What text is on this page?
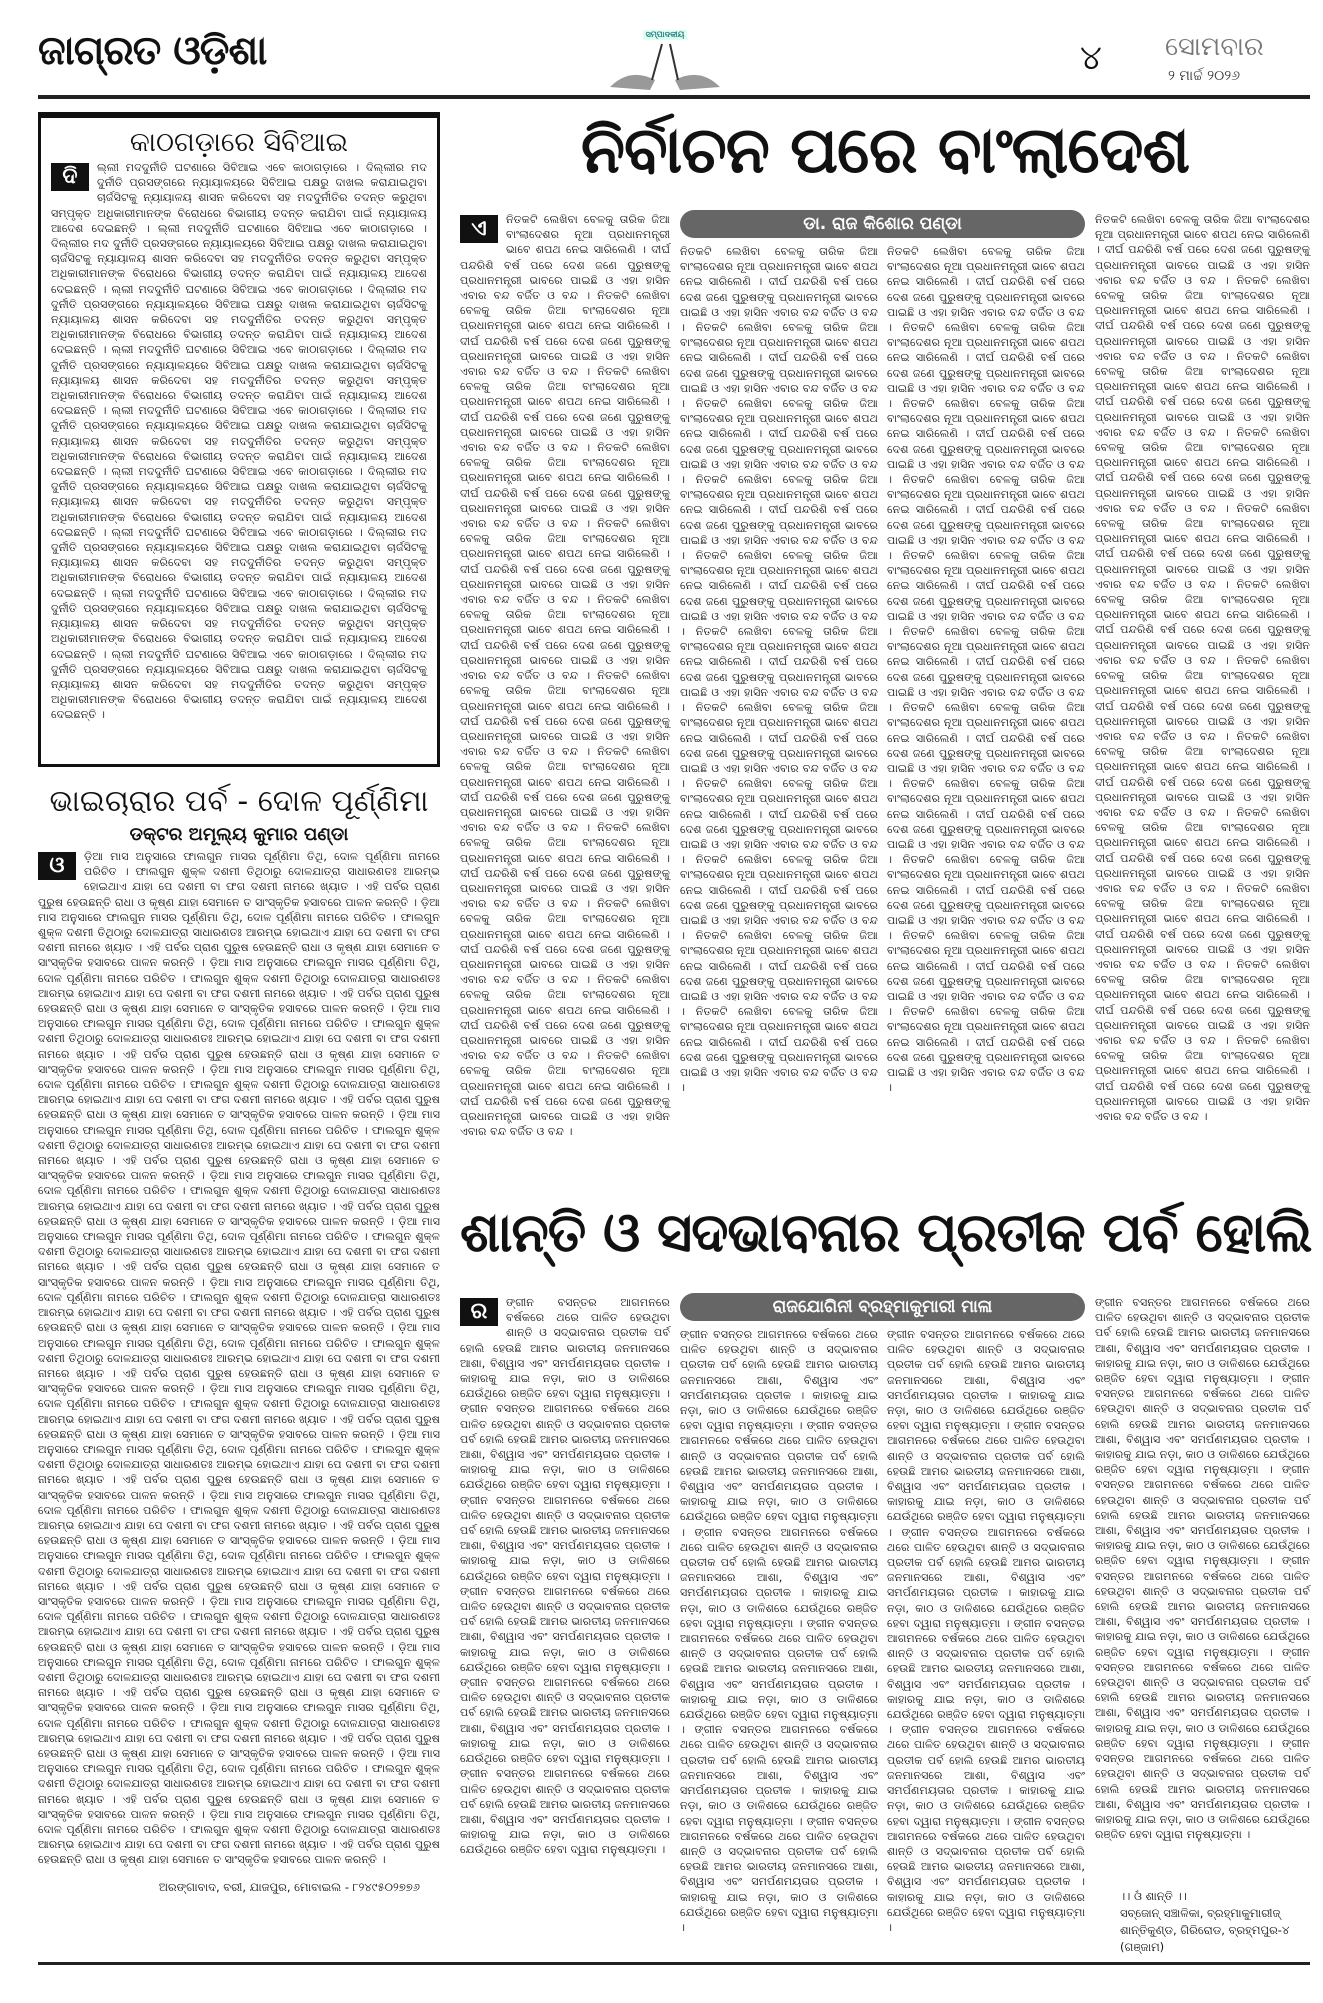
ଜାଗ୍ରତ ଓଡ଼ିଶା	ସମ୍ପାଦକୀୟ
୪ ସୋମବାର
୨ ମାର୍ଚ୍ଚ ୨୦୨୬
କାଠଗଡ଼ାରେ ସିବିଆଇ
ଦି	ଲ୍ଲୀ ମଦଦୁର୍ନୀତି ଘଟଣାରେ ସିବିଆଇ ଏବେ କାଠାଗଡ଼ାରେ । ଦିଲ୍ଲୀର ମଦ ଦୁର୍ନୀତି ପ୍ରସଙ୍ଗରେ ନ୍ୟାୟାଳୟରେ ସିବିଆଇ ପକ୍ଷରୁ ଦାଖଲ କରାଯାଇଥିବା ଚାର୍ଜସିଟକୁ ନ୍ୟାୟାଳୟ ଶାସନ କରିଦେବା ସହ ମଦଦୁର୍ନୀତିର ତଦନ୍ତ କରୁଥିବା ସମ୍ପୃକ୍ତ ଅଧିକାରୀମାନଙ୍କ ବିରୋଧରେ ବିଭାଗୀୟ ତଦନ୍ତ କରାଯିବା ପାଇଁ ନ୍ୟାୟାଳୟ ଆଦେଶ ଦେଇଛନ୍ତି । ଲ୍ଲୀ ମଦଦୁର୍ନୀତି ଘଟଣାରେ ସିବିଆଇ ଏବେ କାଠାଗଡ଼ାରେ । ଦିଲ୍ଲୀର ମଦ ଦୁର୍ନୀତି ପ୍ରସଙ୍ଗରେ ନ୍ୟାୟାଳୟରେ ସିବିଆଇ ପକ୍ଷରୁ ଦାଖଲ କରାଯାଇଥିବା ଚାର୍ଜସିଟକୁ ନ୍ୟାୟାଳୟ ଶାସନ କରିଦେବା ସହ ମଦଦୁର୍ନୀତିର ତଦନ୍ତ କରୁଥିବା ସମ୍ପୃକ୍ତ ଅଧିକାରୀମାନଙ୍କ ବିରୋଧରେ ବିଭାଗୀୟ ତଦନ୍ତ କରାଯିବା ପାଇଁ ନ୍ୟାୟାଳୟ ଆଦେଶ ଦେଇଛନ୍ତି । ଲ୍ଲୀ ମଦଦୁର୍ନୀତି ଘଟଣାରେ ସିବିଆଇ ଏବେ କାଠାଗଡ଼ାରେ । ଦିଲ୍ଲୀର ମଦ ଦୁର୍ନୀତି ପ୍ରସଙ୍ଗରେ ନ୍ୟାୟାଳୟରେ ସିବିଆଇ ପକ୍ଷରୁ ଦାଖଲ କରାଯାଇଥିବା ଚାର୍ଜସିଟକୁ ନ୍ୟାୟାଳୟ ଶାସନ କରିଦେବା ସହ ମଦଦୁର୍ନୀତିର ତଦନ୍ତ କରୁଥିବା ସମ୍ପୃକ୍ତ ଅଧିକାରୀମାନଙ୍କ ବିରୋଧରେ ବିଭାଗୀୟ ତଦନ୍ତ କରାଯିବା ପାଇଁ ନ୍ୟାୟାଳୟ ଆଦେଶ ଦେଇଛନ୍ତି । ଲ୍ଲୀ ମଦଦୁର୍ନୀତି ଘଟଣାରେ ସିବିଆଇ ଏବେ କାଠାଗଡ଼ାରେ । ଦିଲ୍ଲୀର ମଦ ଦୁର୍ନୀତି ପ୍ରସଙ୍ଗରେ ନ୍ୟାୟାଳୟରେ ସିବିଆଇ ପକ୍ଷରୁ ଦାଖଲ କରାଯାଇଥିବା ଚାର୍ଜସିଟକୁ ନ୍ୟାୟାଳୟ ଶାସନ କରିଦେବା ସହ ମଦଦୁର୍ନୀତିର ତଦନ୍ତ କରୁଥିବା ସମ୍ପୃକ୍ତ ଅଧିକାରୀମାନଙ୍କ ବିରୋଧରେ ବିଭାଗୀୟ ତଦନ୍ତ କରାଯିବା ପାଇଁ ନ୍ୟାୟାଳୟ ଆଦେଶ ଦେଇଛନ୍ତି । ଲ୍ଲୀ ମଦଦୁର୍ନୀତି ଘଟଣାରେ ସିବିଆଇ ଏବେ କାଠାଗଡ଼ାରେ । ଦିଲ୍ଲୀର ମଦ ଦୁର୍ନୀତି ପ୍ରସଙ୍ଗରେ ନ୍ୟାୟାଳୟରେ ସିବିଆଇ ପକ୍ଷରୁ ଦାଖଲ କରାଯାଇଥିବା ଚାର୍ଜସିଟକୁ ନ୍ୟାୟାଳୟ ଶାସନ କରିଦେବା ସହ ମଦଦୁର୍ନୀତିର ତଦନ୍ତ କରୁଥିବା ସମ୍ପୃକ୍ତ ଅଧିକାରୀମାନଙ୍କ ବିରୋଧରେ ବିଭାଗୀୟ ତଦନ୍ତ କରାଯିବା ପାଇଁ ନ୍ୟାୟାଳୟ ଆଦେଶ ଦେଇଛନ୍ତି । ଲ୍ଲୀ ମଦଦୁର୍ନୀତି ଘଟଣାରେ ସିବିଆଇ ଏବେ କାଠାଗଡ଼ାରେ । ଦିଲ୍ଲୀର ମଦ ଦୁର୍ନୀତି ପ୍ରସଙ୍ଗରେ ନ୍ୟାୟାଳୟରେ ସିବିଆଇ ପକ୍ଷରୁ ଦାଖଲ କରାଯାଇଥିବା ଚାର୍ଜସିଟକୁ ନ୍ୟାୟାଳୟ ଶାସନ କରିଦେବା ସହ ମଦଦୁର୍ନୀତିର ତଦନ୍ତ କରୁଥିବା ସମ୍ପୃକ୍ତ ଅଧିକାରୀମାନଙ୍କ ବିରୋଧରେ ବିଭାଗୀୟ ତଦନ୍ତ କରାଯିବା ପାଇଁ ନ୍ୟାୟାଳୟ ଆଦେଶ ଦେଇଛନ୍ତି । ଲ୍ଲୀ ମଦଦୁର୍ନୀତି ଘଟଣାରେ ସିବିଆଇ ଏବେ କାଠାଗଡ଼ାରେ । ଦିଲ୍ଲୀର ମଦ ଦୁର୍ନୀତି ପ୍ରସଙ୍ଗରେ ନ୍ୟାୟାଳୟରେ ସିବିଆଇ ପକ୍ଷରୁ ଦାଖଲ କରାଯାଇଥିବା ଚାର୍ଜସିଟକୁ ନ୍ୟାୟାଳୟ ଶାସନ କରିଦେବା ସହ ମଦଦୁର୍ନୀତିର ତଦନ୍ତ କରୁଥିବା ସମ୍ପୃକ୍ତ ଅଧିକାରୀମାନଙ୍କ ବିରୋଧରେ ବିଭାଗୀୟ ତଦନ୍ତ କରାଯିବା ପାଇଁ ନ୍ୟାୟାଳୟ ଆଦେଶ ଦେଇଛନ୍ତି । ଲ୍ଲୀ ମଦଦୁର୍ନୀତି ଘଟଣାରେ ସିବିଆଇ ଏବେ କାଠାଗଡ଼ାରେ । ଦିଲ୍ଲୀର ମଦ ଦୁର୍ନୀତି ପ୍ରସଙ୍ଗରେ ନ୍ୟାୟାଳୟରେ ସିବିଆଇ ପକ୍ଷରୁ ଦାଖଲ କରାଯାଇଥିବା ଚାର୍ଜସିଟକୁ ନ୍ୟାୟାଳୟ ଶାସନ କରିଦେବା ସହ ମଦଦୁର୍ନୀତିର ତଦନ୍ତ କରୁଥିବା ସମ୍ପୃକ୍ତ ଅଧିକାରୀମାନଙ୍କ ବିରୋଧରେ ବିଭାଗୀୟ ତଦନ୍ତ କରାଯିବା ପାଇଁ ନ୍ୟାୟାଳୟ ଆଦେଶ ଦେଇଛନ୍ତି । ଲ୍ଲୀ ମଦଦୁର୍ନୀତି ଘଟଣାରେ ସିବିଆଇ ଏବେ କାଠାଗଡ଼ାରେ । ଦିଲ୍ଲୀର ମଦ ଦୁର୍ନୀତି ପ୍ରସଙ୍ଗରେ ନ୍ୟାୟାଳୟରେ ସିବିଆଇ ପକ୍ଷରୁ ଦାଖଲ କରାଯାଇଥିବା ଚାର୍ଜସିଟକୁ ନ୍ୟାୟାଳୟ ଶାସନ କରିଦେବା ସହ ମଦଦୁର୍ନୀତିର ତଦନ୍ତ କରୁଥିବା ସମ୍ପୃକ୍ତ ଅଧିକାରୀମାନଙ୍କ ବିରୋଧରେ ବିଭାଗୀୟ ତଦନ୍ତ କରାଯିବା ପାଇଁ ନ୍ୟାୟାଳୟ ଆଦେଶ ଦେଇଛନ୍ତି ।
ଭାଇଚାରାର ପର୍ବ - ଦୋଳ ପୂର୍ଣ୍ଣିମା
ଡକ୍ଟର ଅମୂଲ୍ୟ କୁମାର ପଣ୍ଡା
ଓ	ଡ଼ିଆ ମାସ ଅନୁସାରେ ଫାଲଗୁନ ମାସର ପୂର୍ଣ୍ଣିମା ତିଥି, ଦୋଳ ପୂର୍ଣ୍ଣିମା ନାମରେ ପରିଚିତ । ଫାଲଗୁନ ଶୁକ୍ଳ ଦଶମୀ ତିଥିଠାରୁ ଦୋଳଯାତ୍ରା ସାଧାରଣତଃ ଆରମ୍ଭ ହୋଇଥାଏ ଯାହା ପେ ଦଶମୀ ବା ଫଗ ଦଶମୀ ନାମରେ ଖ୍ୟାତ । ଏହି ପର୍ବର ପ୍ରାଣ ପୁରୁଷ ହେଉଛନ୍ତି ରାଧା ଓ କୃଷ୍ଣ ଯାହା ସେମାନେ ତ ସାଂସ୍କୃତିକ ହସାବରେ ପାଳନ କରନ୍ତି । ଡ଼ିଆ ମାସ ଅନୁସାରେ ଫାଲଗୁନ ମାସର ପୂର୍ଣ୍ଣିମା ତିଥି, ଦୋଳ ପୂର୍ଣ୍ଣିମା ନାମରେ ପରିଚିତ । ଫାଲଗୁନ ଶୁକ୍ଳ ଦଶମୀ ତିଥିଠାରୁ ଦୋଳଯାତ୍ରା ସାଧାରଣତଃ ଆରମ୍ଭ ହୋଇଥାଏ ଯାହା ପେ ଦଶମୀ ବା ଫଗ ଦଶମୀ ନାମରେ ଖ୍ୟାତ । ଏହି ପର୍ବର ପ୍ରାଣ ପୁରୁଷ ହେଉଛନ୍ତି ରାଧା ଓ କୃଷ୍ଣ ଯାହା ସେମାନେ ତ ସାଂସ୍କୃତିକ ହସାବରେ ପାଳନ କରନ୍ତି । ଡ଼ିଆ ମାସ ଅନୁସାରେ ଫାଲଗୁନ ମାସର ପୂର୍ଣ୍ଣିମା ତିଥି, ଦୋଳ ପୂର୍ଣ୍ଣିମା ନାମରେ ପରିଚିତ । ଫାଲଗୁନ ଶୁକ୍ଳ ଦଶମୀ ତିଥିଠାରୁ ଦୋଳଯାତ୍ରା ସାଧାରଣତଃ ଆରମ୍ଭ ହୋଇଥାଏ ଯାହା ପେ ଦଶମୀ ବା ଫଗ ଦଶମୀ ନାମରେ ଖ୍ୟାତ । ଏହି ପର୍ବର ପ୍ରାଣ ପୁରୁଷ ହେଉଛନ୍ତି ରାଧା ଓ କୃଷ୍ଣ ଯାହା ସେମାନେ ତ ସାଂସ୍କୃତିକ ହସାବରେ ପାଳନ କରନ୍ତି । ଡ଼ିଆ ମାସ ଅନୁସାରେ ଫାଲଗୁନ ମାସର ପୂର୍ଣ୍ଣିମା ତିଥି, ଦୋଳ ପୂର୍ଣ୍ଣିମା ନାମରେ ପରିଚିତ । ଫାଲଗୁନ ଶୁକ୍ଳ ଦଶମୀ ତିଥିଠାରୁ ଦୋଳଯାତ୍ରା ସାଧାରଣତଃ ଆରମ୍ଭ ହୋଇଥାଏ ଯାହା ପେ ଦଶମୀ ବା ଫଗ ଦଶମୀ ନାମରେ ଖ୍ୟାତ । ଏହି ପର୍ବର ପ୍ରାଣ ପୁରୁଷ ହେଉଛନ୍ତି ରାଧା ଓ କୃଷ୍ଣ ଯାହା ସେମାନେ ତ ସାଂସ୍କୃତିକ ହସାବରେ ପାଳନ କରନ୍ତି । ଡ଼ିଆ ମାସ ଅନୁସାରେ ଫାଲଗୁନ ମାସର ପୂର୍ଣ୍ଣିମା ତିଥି, ଦୋଳ ପୂର୍ଣ୍ଣିମା ନାମରେ ପରିଚିତ । ଫାଲଗୁନ ଶୁକ୍ଳ ଦଶମୀ ତିଥିଠାରୁ ଦୋଳଯାତ୍ରା ସାଧାରଣତଃ ଆରମ୍ଭ ହୋଇଥାଏ ଯାହା ପେ ଦଶମୀ ବା ଫଗ ଦଶମୀ ନାମରେ ଖ୍ୟାତ । ଏହି ପର୍ବର ପ୍ରାଣ ପୁରୁଷ ହେଉଛନ୍ତି ରାଧା ଓ କୃଷ୍ଣ ଯାହା ସେମାନେ ତ ସାଂସ୍କୃତିକ ହସାବରେ ପାଳନ କରନ୍ତି । ଡ଼ିଆ ମାସ ଅନୁସାରେ ଫାଲଗୁନ ମାସର ପୂର୍ଣ୍ଣିମା ତିଥି, ଦୋଳ ପୂର୍ଣ୍ଣିମା ନାମରେ ପରିଚିତ । ଫାଲଗୁନ ଶୁକ୍ଳ ଦଶମୀ ତିଥିଠାରୁ ଦୋଳଯାତ୍ରା ସାଧାରଣତଃ ଆରମ୍ଭ ହୋଇଥାଏ ଯାହା ପେ ଦଶମୀ ବା ଫଗ ଦଶମୀ ନାମରେ ଖ୍ୟାତ । ଏହି ପର୍ବର ପ୍ରାଣ ପୁରୁଷ ହେଉଛନ୍ତି ରାଧା ଓ କୃଷ୍ଣ ଯାହା ସେମାନେ ତ ସାଂସ୍କୃତିକ ହସାବରେ ପାଳନ କରନ୍ତି । ଡ଼ିଆ ମାସ ଅନୁସାରେ ଫାଲଗୁନ ମାସର ପୂର୍ଣ୍ଣିମା ତିଥି, ଦୋଳ ପୂର୍ଣ୍ଣିମା ନାମରେ ପରିଚିତ । ଫାଲଗୁନ ଶୁକ୍ଳ ଦଶମୀ ତିଥିଠାରୁ ଦୋଳଯାତ୍ରା ସାଧାରଣତଃ ଆରମ୍ଭ ହୋଇଥାଏ ଯାହା ପେ ଦଶମୀ ବା ଫଗ ଦଶମୀ ନାମରେ ଖ୍ୟାତ । ଏହି ପର୍ବର ପ୍ରାଣ ପୁରୁଷ ହେଉଛନ୍ତି ରାଧା ଓ କୃଷ୍ଣ ଯାହା ସେମାନେ ତ ସାଂସ୍କୃତିକ ହସାବରେ ପାଳନ କରନ୍ତି । ଡ଼ିଆ ମାସ ଅନୁସାରେ ଫାଲଗୁନ ମାସର ପୂର୍ଣ୍ଣିମା ତିଥି, ଦୋଳ ପୂର୍ଣ୍ଣିମା ନାମରେ ପରିଚିତ । ଫାଲଗୁନ ଶୁକ୍ଳ ଦଶମୀ ତିଥିଠାରୁ ଦୋଳଯାତ୍ରା ସାଧାରଣତଃ ଆରମ୍ଭ ହୋଇଥାଏ ଯାହା ପେ ଦଶମୀ ବା ଫଗ ଦଶମୀ ନାମରେ ଖ୍ୟାତ । ଏହି ପର୍ବର ପ୍ରାଣ ପୁରୁଷ ହେଉଛନ୍ତି ରାଧା ଓ କୃଷ୍ଣ ଯାହା ସେମାନେ ତ ସାଂସ୍କୃତିକ ହସାବରେ ପାଳନ କରନ୍ତି । ଡ଼ିଆ ମାସ ଅନୁସାରେ ଫାଲଗୁନ ମାସର ପୂର୍ଣ୍ଣିମା ତିଥି, ଦୋଳ ପୂର୍ଣ୍ଣିମା ନାମରେ ପରିଚିତ । ଫାଲଗୁନ ଶୁକ୍ଳ ଦଶମୀ ତିଥିଠାରୁ ଦୋଳଯାତ୍ରା ସାଧାରଣତଃ ଆରମ୍ଭ ହୋଇଥାଏ ଯାହା ପେ ଦଶମୀ ବା ଫଗ ଦଶମୀ ନାମରେ ଖ୍ୟାତ । ଏହି ପର୍ବର ପ୍ରାଣ ପୁରୁଷ ହେଉଛନ୍ତି ରାଧା ଓ କୃଷ୍ଣ ଯାହା ସେମାନେ ତ ସାଂସ୍କୃତିକ ହସାବରେ ପାଳନ କରନ୍ତି । ଡ଼ିଆ ମାସ ଅନୁସାରେ ଫାଲଗୁନ ମାସର ପୂର୍ଣ୍ଣିମା ତିଥି, ଦୋଳ ପୂର୍ଣ୍ଣିମା ନାମରେ ପରିଚିତ । ଫାଲଗୁନ ଶୁକ୍ଳ ଦଶମୀ ତିଥିଠାରୁ ଦୋଳଯାତ୍ରା ସାଧାରଣତଃ ଆରମ୍ଭ ହୋଇଥାଏ ଯାହା ପେ ଦଶମୀ ବା ଫଗ ଦଶମୀ ନାମରେ ଖ୍ୟାତ । ଏହି ପର୍ବର ପ୍ରାଣ ପୁରୁଷ ହେଉଛନ୍ତି ରାଧା ଓ କୃଷ୍ଣ ଯାହା ସେମାନେ ତ ସାଂସ୍କୃତିକ ହସାବରେ ପାଳନ କରନ୍ତି । ଡ଼ିଆ ମାସ ଅନୁସାରେ ଫାଲଗୁନ ମାସର ପୂର୍ଣ୍ଣିମା ତିଥି, ଦୋଳ ପୂର୍ଣ୍ଣିମା ନାମରେ ପରିଚିତ । ଫାଲଗୁନ ଶୁକ୍ଳ ଦଶମୀ ତିଥିଠାରୁ ଦୋଳଯାତ୍ରା ସାଧାରଣତଃ ଆରମ୍ଭ ହୋଇଥାଏ ଯାହା ପେ ଦଶମୀ ବା ଫଗ ଦଶମୀ ନାମରେ ଖ୍ୟାତ । ଏହି ପର୍ବର ପ୍ରାଣ ପୁରୁଷ ହେଉଛନ୍ତି ରାଧା ଓ କୃଷ୍ଣ ଯାହା ସେମାନେ ତ ସାଂସ୍କୃତିକ ହସାବରେ ପାଳନ କରନ୍ତି । ଡ଼ିଆ ମାସ ଅନୁସାରେ ଫାଲଗୁନ ମାସର ପୂର୍ଣ୍ଣିମା ତିଥି, ଦୋଳ ପୂର୍ଣ୍ଣିମା ନାମରେ ପରିଚିତ । ଫାଲଗୁନ ଶୁକ୍ଳ ଦଶମୀ ତିଥିଠାରୁ ଦୋଳଯାତ୍ରା ସାଧାରଣତଃ ଆରମ୍ଭ ହୋଇଥାଏ ଯାହା ପେ ଦଶମୀ ବା ଫଗ ଦଶମୀ ନାମରେ ଖ୍ୟାତ । ଏହି ପର୍ବର ପ୍ରାଣ ପୁରୁଷ ହେଉଛନ୍ତି ରାଧା ଓ କୃଷ୍ଣ ଯାହା ସେମାନେ ତ ସାଂସ୍କୃତିକ ହସାବରେ ପାଳନ କରନ୍ତି । ଡ଼ିଆ ମାସ ଅନୁସାରେ ଫାଲଗୁନ ମାସର ପୂର୍ଣ୍ଣିମା ତିଥି, ଦୋଳ ପୂର୍ଣ୍ଣିମା ନାମରେ ପରିଚିତ । ଫାଲଗୁନ ଶୁକ୍ଳ ଦଶମୀ ତିଥିଠାରୁ ଦୋଳଯାତ୍ରା ସାଧାରଣତଃ ଆରମ୍ଭ ହୋଇଥାଏ ଯାହା ପେ ଦଶମୀ ବା ଫଗ ଦଶମୀ ନାମରେ ଖ୍ୟାତ । ଏହି ପର୍ବର ପ୍ରାଣ ପୁରୁଷ ହେଉଛନ୍ତି ରାଧା ଓ କୃଷ୍ଣ ଯାହା ସେମାନେ ତ ସାଂସ୍କୃତିକ ହସାବରେ ପାଳନ କରନ୍ତି । ଡ଼ିଆ ମାସ ଅନୁସାରେ ଫାଲଗୁନ ମାସର ପୂର୍ଣ୍ଣିମା ତିଥି, ଦୋଳ ପୂର୍ଣ୍ଣିମା ନାମରେ ପରିଚିତ । ଫାଲଗୁନ ଶୁକ୍ଳ ଦଶମୀ ତିଥିଠାରୁ ଦୋଳଯାତ୍ରା ସାଧାରଣତଃ ଆରମ୍ଭ ହୋଇଥାଏ ଯାହା ପେ ଦଶମୀ ବା ଫଗ ଦଶମୀ ନାମରେ ଖ୍ୟାତ । ଏହି ପର୍ବର ପ୍ରାଣ ପୁରୁଷ ହେଉଛନ୍ତି ରାଧା ଓ କୃଷ୍ଣ ଯାହା ସେମାନେ ତ ସାଂସ୍କୃତିକ ହସାବରେ ପାଳନ କରନ୍ତି । ଡ଼ିଆ ମାସ ଅନୁସାରେ ଫାଲଗୁନ ମାସର ପୂର୍ଣ୍ଣିମା ତିଥି, ଦୋଳ ପୂର୍ଣ୍ଣିମା ନାମରେ ପରିଚିତ । ଫାଲଗୁନ ଶୁକ୍ଳ ଦଶମୀ ତିଥିଠାରୁ ଦୋଳଯାତ୍ରା ସାଧାରଣତଃ ଆରମ୍ଭ ହୋଇଥାଏ ଯାହା ପେ ଦଶମୀ ବା ଫଗ ଦଶମୀ ନାମରେ ଖ୍ୟାତ । ଏହି ପର୍ବର ପ୍ରାଣ ପୁରୁଷ ହେଉଛନ୍ତି ରାଧା ଓ କୃଷ୍ଣ ଯାହା ସେମାନେ ତ ସାଂସ୍କୃତିକ ହସାବରେ ପାଳନ କରନ୍ତି । ଡ଼ିଆ ମାସ ଅନୁସାରେ ଫାଲଗୁନ ମାସର ପୂର୍ଣ୍ଣିମା ତିଥି, ଦୋଳ ପୂର୍ଣ୍ଣିମା ନାମରେ ପରିଚିତ । ଫାଲଗୁନ ଶୁକ୍ଳ ଦଶମୀ ତିଥିଠାରୁ ଦୋଳଯାତ୍ରା ସାଧାରଣତଃ ଆରମ୍ଭ ହୋଇଥାଏ ଯାହା ପେ ଦଶମୀ ବା ଫଗ ଦଶମୀ ନାମରେ ଖ୍ୟାତ । ଏହି ପର୍ବର ପ୍ରାଣ ପୁରୁଷ ହେଉଛନ୍ତି ରାଧା ଓ କୃଷ୍ଣ ଯାହା ସେମାନେ ତ ସାଂସ୍କୃତିକ ହସାବରେ ପାଳନ କରନ୍ତି । ଡ଼ିଆ ମାସ ଅନୁସାରେ ଫାଲଗୁନ ମାସର ପୂର୍ଣ୍ଣିମା ତିଥି, ଦୋଳ ପୂର୍ଣ୍ଣିମା ନାମରେ ପରିଚିତ । ଫାଲଗୁନ ଶୁକ୍ଳ ଦଶମୀ ତିଥିଠାରୁ ଦୋଳଯାତ୍ରା ସାଧାରଣତଃ ଆରମ୍ଭ ହୋଇଥାଏ ଯାହା ପେ ଦଶମୀ ବା ଫଗ ଦଶମୀ ନାମରେ ଖ୍ୟାତ । ଏହି ପର୍ବର ପ୍ରାଣ ପୁରୁଷ ହେଉଛନ୍ତି ରାଧା ଓ କୃଷ୍ଣ ଯାହା ସେମାନେ ତ ସାଂସ୍କୃତିକ ହସାବରେ ପାଳନ କରନ୍ତି । ଡ଼ିଆ ମାସ ଅନୁସାରେ ଫାଲଗୁନ ମାସର ପୂର୍ଣ୍ଣିମା ତିଥି, ଦୋଳ ପୂର୍ଣ୍ଣିମା ନାମରେ ପରିଚିତ । ଫାଲଗୁନ ଶୁକ୍ଳ ଦଶମୀ ତିଥିଠାରୁ ଦୋଳଯାତ୍ରା ସାଧାରଣତଃ ଆରମ୍ଭ ହୋଇଥାଏ ଯାହା ପେ ଦଶମୀ ବା ଫଗ ଦଶମୀ ନାମରେ ଖ୍ୟାତ । ଏହି ପର୍ବର ପ୍ରାଣ ପୁରୁଷ ହେଉଛନ୍ତି ରାଧା ଓ କୃଷ୍ଣ ଯାହା ସେମାନେ ତ ସାଂସ୍କୃତିକ ହସାବରେ ପାଳନ କରନ୍ତି । ଡ଼ିଆ ମାସ ଅନୁସାରେ ଫାଲଗୁନ ମାସର ପୂର୍ଣ୍ଣିମା ତିଥି, ଦୋଳ ପୂର୍ଣ୍ଣିମା ନାମରେ ପରିଚିତ । ଫାଲଗୁନ ଶୁକ୍ଳ ଦଶମୀ ତିଥିଠାରୁ ଦୋଳଯାତ୍ରା ସାଧାରଣତଃ ଆରମ୍ଭ ହୋଇଥାଏ ଯାହା ପେ ଦଶମୀ ବା ଫଗ ଦଶମୀ ନାମରେ ଖ୍ୟାତ । ଏହି ପର୍ବର ପ୍ରାଣ ପୁରୁଷ ହେଉଛନ୍ତି ରାଧା ଓ କୃଷ୍ଣ ଯାହା ସେମାନେ ତ ସାଂସ୍କୃତିକ ହସାବରେ ପାଳନ କରନ୍ତି ।
ଅରଙ୍ଗାବାଦ, ବରୀ, ଯାଜପୁର, ମୋବାଇଲ - ୮୨୪୯୫୦୨୭୭୬
ନିର୍ବାଚନ ପରେ ବାଂଲାଦେଶ
ଡା. ରାଜ କିଶୋର ପଣ୍ଡା
ଏ	ନିତକଟି ଲେଖିବା ବେଳକୁ ତାରିକ ଜିଆ ବାଂଲାଦେଶର ନୂଆ ପ୍ରଧାନମନ୍ତ୍ରୀ ଭାବେ ଶପଥ ନେଇ ସାରିଲେଣି । ଦୀର୍ଘ ପନ୍ଦରିଶି ବର୍ଷ ପରେ ଦେଶ ଜଣେ ପୁରୁଷଙ୍କୁ ପ୍ରଧାନମନ୍ତ୍ରୀ ଭାବରେ ପାଇଛି ଓ ଏହା ହାସିନ ଏବାର ବନ୍ଦ ବର୍ଜିତ ଓ ବନ୍ଦ । ନିତକଟି ଲେଖିବା ବେଳକୁ ତାରିକ ଜିଆ ବାଂଲାଦେଶର ନୂଆ ପ୍ରଧାନମନ୍ତ୍ରୀ ଭାବେ ଶପଥ ନେଇ ସାରିଲେଣି । ଦୀର୍ଘ ପନ୍ଦରିଶି ବର୍ଷ ପରେ ଦେଶ ଜଣେ ପୁରୁଷଙ୍କୁ ପ୍ରଧାନମନ୍ତ୍ରୀ ଭାବରେ ପାଇଛି ଓ ଏହା ହାସିନ ଏବାର ବନ୍ଦ ବର୍ଜିତ ଓ ବନ୍ଦ । ନିତକଟି ଲେଖିବା ବେଳକୁ ତାରିକ ଜିଆ ବାଂଲାଦେଶର ନୂଆ ପ୍ରଧାନମନ୍ତ୍ରୀ ଭାବେ ଶପଥ ନେଇ ସାରିଲେଣି । ଦୀର୍ଘ ପନ୍ଦରିଶି ବର୍ଷ ପରେ ଦେଶ ଜଣେ ପୁରୁଷଙ୍କୁ ପ୍ରଧାନମନ୍ତ୍ରୀ ଭାବରେ ପାଇଛି ଓ ଏହା ହାସିନ ଏବାର ବନ୍ଦ ବର୍ଜିତ ଓ ବନ୍ଦ । ନିତକଟି ଲେଖିବା ବେଳକୁ ତାରିକ ଜିଆ ବାଂଲାଦେଶର ନୂଆ ପ୍ରଧାନମନ୍ତ୍ରୀ ଭାବେ ଶପଥ ନେଇ ସାରିଲେଣି । ଦୀର୍ଘ ପନ୍ଦରିଶି ବର୍ଷ ପରେ ଦେଶ ଜଣେ ପୁରୁଷଙ୍କୁ ପ୍ରଧାନମନ୍ତ୍ରୀ ଭାବରେ ପାଇଛି ଓ ଏହା ହାସିନ ଏବାର ବନ୍ଦ ବର୍ଜିତ ଓ ବନ୍ଦ । ନିତକଟି ଲେଖିବା ବେଳକୁ ତାରିକ ଜିଆ ବାଂଲାଦେଶର ନୂଆ ପ୍ରଧାନମନ୍ତ୍ରୀ ଭାବେ ଶପଥ ନେଇ ସାରିଲେଣି । ଦୀର୍ଘ ପନ୍ଦରିଶି ବର୍ଷ ପରେ ଦେଶ ଜଣେ ପୁରୁଷଙ୍କୁ ପ୍ରଧାନମନ୍ତ୍ରୀ ଭାବରେ ପାଇଛି ଓ ଏହା ହାସିନ ଏବାର ବନ୍ଦ ବର୍ଜିତ ଓ ବନ୍ଦ । ନିତକଟି ଲେଖିବା ବେଳକୁ ତାରିକ ଜିଆ ବାଂଲାଦେଶର ନୂଆ ପ୍ରଧାନମନ୍ତ୍ରୀ ଭାବେ ଶପଥ ନେଇ ସାରିଲେଣି । ଦୀର୍ଘ ପନ୍ଦରିଶି ବର୍ଷ ପରେ ଦେଶ ଜଣେ ପୁରୁଷଙ୍କୁ ପ୍ରଧାନମନ୍ତ୍ରୀ ଭାବରେ ପାଇଛି ଓ ଏହା ହାସିନ ଏବାର ବନ୍ଦ ବର୍ଜିତ ଓ ବନ୍ଦ । ନିତକଟି ଲେଖିବା ବେଳକୁ ତାରିକ ଜିଆ ବାଂଲାଦେଶର ନୂଆ ପ୍ରଧାନମନ୍ତ୍ରୀ ଭାବେ ଶପଥ ନେଇ ସାରିଲେଣି । ଦୀର୍ଘ ପନ୍ଦରିଶି ବର୍ଷ ପରେ ଦେଶ ଜଣେ ପୁରୁଷଙ୍କୁ ପ୍ରଧାନମନ୍ତ୍ରୀ ଭାବରେ ପାଇଛି ଓ ଏହା ହାସିନ ଏବାର ବନ୍ଦ ବର୍ଜିତ ଓ ବନ୍ଦ । ନିତକଟି ଲେଖିବା ବେଳକୁ ତାରିକ ଜିଆ ବାଂଲାଦେଶର ନୂଆ ପ୍ରଧାନମନ୍ତ୍ରୀ ଭାବେ ଶପଥ ନେଇ ସାରିଲେଣି । ଦୀର୍ଘ ପନ୍ଦରିଶି ବର୍ଷ ପରେ ଦେଶ ଜଣେ ପୁରୁଷଙ୍କୁ ପ୍ରଧାନମନ୍ତ୍ରୀ ଭାବରେ ପାଇଛି ଓ ଏହା ହାସିନ ଏବାର ବନ୍ଦ ବର୍ଜିତ ଓ ବନ୍ଦ । ନିତକଟି ଲେଖିବା ବେଳକୁ ତାରିକ ଜିଆ ବାଂଲାଦେଶର ନୂଆ ପ୍ରଧାନମନ୍ତ୍ରୀ ଭାବେ ଶପଥ ନେଇ ସାରିଲେଣି । ଦୀର୍ଘ ପନ୍ଦରିଶି ବର୍ଷ ପରେ ଦେଶ ଜଣେ ପୁରୁଷଙ୍କୁ ପ୍ରଧାନମନ୍ତ୍ରୀ ଭାବରେ ପାଇଛି ଓ ଏହା ହାସିନ ଏବାର ବନ୍ଦ ବର୍ଜିତ ଓ ବନ୍ଦ । ନିତକଟି ଲେଖିବା ବେଳକୁ ତାରିକ ଜିଆ ବାଂଲାଦେଶର ନୂଆ ପ୍ରଧାନମନ୍ତ୍ରୀ ଭାବେ ଶପଥ ନେଇ ସାରିଲେଣି । ଦୀର୍ଘ ପନ୍ଦରିଶି ବର୍ଷ ପରେ ଦେଶ ଜଣେ ପୁରୁଷଙ୍କୁ ପ୍ରଧାନମନ୍ତ୍ରୀ ଭାବରେ ପାଇଛି ଓ ଏହା ହାସିନ ଏବାର ବନ୍ଦ ବର୍ଜିତ ଓ ବନ୍ଦ । ନିତକଟି ଲେଖିବା ବେଳକୁ ତାରିକ ଜିଆ ବାଂଲାଦେଶର ନୂଆ ପ୍ରଧାନମନ୍ତ୍ରୀ ଭାବେ ଶପଥ ନେଇ ସାରିଲେଣି । ଦୀର୍ଘ ପନ୍ଦରିଶି ବର୍ଷ ପରେ ଦେଶ ଜଣେ ପୁରୁଷଙ୍କୁ ପ୍ରଧାନମନ୍ତ୍ରୀ ଭାବରେ ପାଇଛି ଓ ଏହା ହାସିନ ଏବାର ବନ୍ଦ ବର୍ଜିତ ଓ ବନ୍ଦ । ନିତକଟି ଲେଖିବା ବେଳକୁ ତାରିକ ଜିଆ ବାଂଲାଦେଶର ନୂଆ ପ୍ରଧାନମନ୍ତ୍ରୀ ଭାବେ ଶପଥ ନେଇ ସାରିଲେଣି । ଦୀର୍ଘ ପନ୍ଦରିଶି ବର୍ଷ ପରେ ଦେଶ ଜଣେ ପୁରୁଷଙ୍କୁ ପ୍ରଧାନମନ୍ତ୍ରୀ ଭାବରେ ପାଇଛି ଓ ଏହା ହାସିନ ଏବାର ବନ୍ଦ ବର୍ଜିତ ଓ ବନ୍ଦ ।
ନିତକଟି ଲେଖିବା ବେଳକୁ ତାରିକ ଜିଆ ବାଂଲାଦେଶର ନୂଆ ପ୍ରଧାନମନ୍ତ୍ରୀ ଭାବେ ଶପଥ ନେଇ ସାରିଲେଣି । ଦୀର୍ଘ ପନ୍ଦରିଶି ବର୍ଷ ପରେ ଦେଶ ଜଣେ ପୁରୁଷଙ୍କୁ ପ୍ରଧାନମନ୍ତ୍ରୀ ଭାବରେ ପାଇଛି ଓ ଏହା ହାସିନ ଏବାର ବନ୍ଦ ବର୍ଜିତ ଓ ବନ୍ଦ । ନିତକଟି ଲେଖିବା ବେଳକୁ ତାରିକ ଜିଆ ବାଂଲାଦେଶର ନୂଆ ପ୍ରଧାନମନ୍ତ୍ରୀ ଭାବେ ଶପଥ ନେଇ ସାରିଲେଣି । ଦୀର୍ଘ ପନ୍ଦରିଶି ବର୍ଷ ପରେ ଦେଶ ଜଣେ ପୁରୁଷଙ୍କୁ ପ୍ରଧାନମନ୍ତ୍ରୀ ଭାବରେ ପାଇଛି ଓ ଏହା ହାସିନ ଏବାର ବନ୍ଦ ବର୍ଜିତ ଓ ବନ୍ଦ । ନିତକଟି ଲେଖିବା ବେଳକୁ ତାରିକ ଜିଆ ବାଂଲାଦେଶର ନୂଆ ପ୍ରଧାନମନ୍ତ୍ରୀ ଭାବେ ଶପଥ ନେଇ ସାରିଲେଣି । ଦୀର୍ଘ ପନ୍ଦରିଶି ବର୍ଷ ପରେ ଦେଶ ଜଣେ ପୁରୁଷଙ୍କୁ ପ୍ରଧାନମନ୍ତ୍ରୀ ଭାବରେ ପାଇଛି ଓ ଏହା ହାସିନ ଏବାର ବନ୍ଦ ବର୍ଜିତ ଓ ବନ୍ଦ । ନିତକଟି ଲେଖିବା ବେଳକୁ ତାରିକ ଜିଆ ବାଂଲାଦେଶର ନୂଆ ପ୍ରଧାନମନ୍ତ୍ରୀ ଭାବେ ଶପଥ ନେଇ ସାରିଲେଣି । ଦୀର୍ଘ ପନ୍ଦରିଶି ବର୍ଷ ପରେ ଦେଶ ଜଣେ ପୁରୁଷଙ୍କୁ ପ୍ରଧାନମନ୍ତ୍ରୀ ଭାବରେ ପାଇଛି ଓ ଏହା ହାସିନ ଏବାର ବନ୍ଦ ବର୍ଜିତ ଓ ବନ୍ଦ । ନିତକଟି ଲେଖିବା ବେଳକୁ ତାରିକ ଜିଆ ବାଂଲାଦେଶର ନୂଆ ପ୍ରଧାନମନ୍ତ୍ରୀ ଭାବେ ଶପଥ ନେଇ ସାରିଲେଣି । ଦୀର୍ଘ ପନ୍ଦରିଶି ବର୍ଷ ପରେ ଦେଶ ଜଣେ ପୁରୁଷଙ୍କୁ ପ୍ରଧାନମନ୍ତ୍ରୀ ଭାବରେ ପାଇଛି ଓ ଏହା ହାସିନ ଏବାର ବନ୍ଦ ବର୍ଜିତ ଓ ବନ୍ଦ । ନିତକଟି ଲେଖିବା ବେଳକୁ ତାରିକ ଜିଆ ବାଂଲାଦେଶର ନୂଆ ପ୍ରଧାନମନ୍ତ୍ରୀ ଭାବେ ଶପଥ ନେଇ ସାରିଲେଣି । ଦୀର୍ଘ ପନ୍ଦରିଶି ବର୍ଷ ପରେ ଦେଶ ଜଣେ ପୁରୁଷଙ୍କୁ ପ୍ରଧାନମନ୍ତ୍ରୀ ଭାବରେ ପାଇଛି ଓ ଏହା ହାସିନ ଏବାର ବନ୍ଦ ବର୍ଜିତ ଓ ବନ୍ଦ । ନିତକଟି ଲେଖିବା ବେଳକୁ ତାରିକ ଜିଆ ବାଂଲାଦେଶର ନୂଆ ପ୍ରଧାନମନ୍ତ୍ରୀ ଭାବେ ଶପଥ ନେଇ ସାରିଲେଣି । ଦୀର୍ଘ ପନ୍ଦରିଶି ବର୍ଷ ପରେ ଦେଶ ଜଣେ ପୁରୁଷଙ୍କୁ ପ୍ରଧାନମନ୍ତ୍ରୀ ଭାବରେ ପାଇଛି ଓ ଏହା ହାସିନ ଏବାର ବନ୍ଦ ବର୍ଜିତ ଓ ବନ୍ଦ । ନିତକଟି ଲେଖିବା ବେଳକୁ ତାରିକ ଜିଆ ବାଂଲାଦେଶର ନୂଆ ପ୍ରଧାନମନ୍ତ୍ରୀ ଭାବେ ଶପଥ ନେଇ ସାରିଲେଣି । ଦୀର୍ଘ ପନ୍ଦରିଶି ବର୍ଷ ପରେ ଦେଶ ଜଣେ ପୁରୁଷଙ୍କୁ ପ୍ରଧାନମନ୍ତ୍ରୀ ଭାବରେ ପାଇଛି ଓ ଏହା ହାସିନ ଏବାର ବନ୍ଦ ବର୍ଜିତ ଓ ବନ୍ଦ । ନିତକଟି ଲେଖିବା ବେଳକୁ ତାରିକ ଜିଆ ବାଂଲାଦେଶର ନୂଆ ପ୍ରଧାନମନ୍ତ୍ରୀ ଭାବେ ଶପଥ ନେଇ ସାରିଲେଣି । ଦୀର୍ଘ ପନ୍ଦରିଶି ବର୍ଷ ପରେ ଦେଶ ଜଣେ ପୁରୁଷଙ୍କୁ ପ୍ରଧାନମନ୍ତ୍ରୀ ଭାବରେ ପାଇଛି ଓ ଏହା ହାସିନ ଏବାର ବନ୍ଦ ବର୍ଜିତ ଓ ବନ୍ଦ । ନିତକଟି ଲେଖିବା ବେଳକୁ ତାରିକ ଜିଆ ବାଂଲାଦେଶର ନୂଆ ପ୍ରଧାନମନ୍ତ୍ରୀ ଭାବେ ଶପଥ ନେଇ ସାରିଲେଣି । ଦୀର୍ଘ ପନ୍ଦରିଶି ବର୍ଷ ପରେ ଦେଶ ଜଣେ ପୁରୁଷଙ୍କୁ ପ୍ରଧାନମନ୍ତ୍ରୀ ଭାବରେ ପାଇଛି ଓ ଏହା ହାସିନ ଏବାର ବନ୍ଦ ବର୍ଜିତ ଓ ବନ୍ଦ । ନିତକଟି ଲେଖିବା ବେଳକୁ ତାରିକ ଜିଆ ବାଂଲାଦେଶର ନୂଆ ପ୍ରଧାନମନ୍ତ୍ରୀ ଭାବେ ଶପଥ ନେଇ ସାରିଲେଣି । ଦୀର୍ଘ ପନ୍ଦରିଶି ବର୍ଷ ପରେ ଦେଶ ଜଣେ ପୁରୁଷଙ୍କୁ ପ୍ରଧାନମନ୍ତ୍ରୀ ଭାବରେ ପାଇଛି ଓ ଏହା ହାସିନ ଏବାର ବନ୍ଦ ବର୍ଜିତ ଓ ବନ୍ଦ ।
ନିତକଟି ଲେଖିବା ବେଳକୁ ତାରିକ ଜିଆ ବାଂଲାଦେଶର ନୂଆ ପ୍ରଧାନମନ୍ତ୍ରୀ ଭାବେ ଶପଥ ନେଇ ସାରିଲେଣି । ଦୀର୍ଘ ପନ୍ଦରିଶି ବର୍ଷ ପରେ ଦେଶ ଜଣେ ପୁରୁଷଙ୍କୁ ପ୍ରଧାନମନ୍ତ୍ରୀ ଭାବରେ ପାଇଛି ଓ ଏହା ହାସିନ ଏବାର ବନ୍ଦ ବର୍ଜିତ ଓ ବନ୍ଦ । ନିତକଟି ଲେଖିବା ବେଳକୁ ତାରିକ ଜିଆ ବାଂଲାଦେଶର ନୂଆ ପ୍ରଧାନମନ୍ତ୍ରୀ ଭାବେ ଶପଥ ନେଇ ସାରିଲେଣି । ଦୀର୍ଘ ପନ୍ଦରିଶି ବର୍ଷ ପରେ ଦେଶ ଜଣେ ପୁରୁଷଙ୍କୁ ପ୍ରଧାନମନ୍ତ୍ରୀ ଭାବରେ ପାଇଛି ଓ ଏହା ହାସିନ ଏବାର ବନ୍ଦ ବର୍ଜିତ ଓ ବନ୍ଦ । ନିତକଟି ଲେଖିବା ବେଳକୁ ତାରିକ ଜିଆ ବାଂଲାଦେଶର ନୂଆ ପ୍ରଧାନମନ୍ତ୍ରୀ ଭାବେ ଶପଥ ନେଇ ସାରିଲେଣି । ଦୀର୍ଘ ପନ୍ଦରିଶି ବର୍ଷ ପରେ ଦେଶ ଜଣେ ପୁରୁଷଙ୍କୁ ପ୍ରଧାନମନ୍ତ୍ରୀ ଭାବରେ ପାଇଛି ଓ ଏହା ହାସିନ ଏବାର ବନ୍ଦ ବର୍ଜିତ ଓ ବନ୍ଦ । ନିତକଟି ଲେଖିବା ବେଳକୁ ତାରିକ ଜିଆ ବାଂଲାଦେଶର ନୂଆ ପ୍ରଧାନମନ୍ତ୍ରୀ ଭାବେ ଶପଥ ନେଇ ସାରିଲେଣି । ଦୀର୍ଘ ପନ୍ଦରିଶି ବର୍ଷ ପରେ ଦେଶ ଜଣେ ପୁରୁଷଙ୍କୁ ପ୍ରଧାନମନ୍ତ୍ରୀ ଭାବରେ ପାଇଛି ଓ ଏହା ହାସିନ ଏବାର ବନ୍ଦ ବର୍ଜିତ ଓ ବନ୍ଦ । ନିତକଟି ଲେଖିବା ବେଳକୁ ତାରିକ ଜିଆ ବାଂଲାଦେଶର ନୂଆ ପ୍ରଧାନମନ୍ତ୍ରୀ ଭାବେ ଶପଥ ନେଇ ସାରିଲେଣି । ଦୀର୍ଘ ପନ୍ଦରିଶି ବର୍ଷ ପରେ ଦେଶ ଜଣେ ପୁରୁଷଙ୍କୁ ପ୍ରଧାନମନ୍ତ୍ରୀ ଭାବରେ ପାଇଛି ଓ ଏହା ହାସିନ ଏବାର ବନ୍ଦ ବର୍ଜିତ ଓ ବନ୍ଦ । ନିତକଟି ଲେଖିବା ବେଳକୁ ତାରିକ ଜିଆ ବାଂଲାଦେଶର ନୂଆ ପ୍ରଧାନମନ୍ତ୍ରୀ ଭାବେ ଶପଥ ନେଇ ସାରିଲେଣି । ଦୀର୍ଘ ପନ୍ଦରିଶି ବର୍ଷ ପରେ ଦେଶ ଜଣେ ପୁରୁଷଙ୍କୁ ପ୍ରଧାନମନ୍ତ୍ରୀ ଭାବରେ ପାଇଛି ଓ ଏହା ହାସିନ ଏବାର ବନ୍ଦ ବର୍ଜିତ ଓ ବନ୍ଦ । ନିତକଟି ଲେଖିବା ବେଳକୁ ତାରିକ ଜିଆ ବାଂଲାଦେଶର ନୂଆ ପ୍ରଧାନମନ୍ତ୍ରୀ ଭାବେ ଶପଥ ନେଇ ସାରିଲେଣି । ଦୀର୍ଘ ପନ୍ଦରିଶି ବର୍ଷ ପରେ ଦେଶ ଜଣେ ପୁରୁଷଙ୍କୁ ପ୍ରଧାନମନ୍ତ୍ରୀ ଭାବରେ ପାଇଛି ଓ ଏହା ହାସିନ ଏବାର ବନ୍ଦ ବର୍ଜିତ ଓ ବନ୍ଦ । ନିତକଟି ଲେଖିବା ବେଳକୁ ତାରିକ ଜିଆ ବାଂଲାଦେଶର ନୂଆ ପ୍ରଧାନମନ୍ତ୍ରୀ ଭାବେ ଶପଥ ନେଇ ସାରିଲେଣି । ଦୀର୍ଘ ପନ୍ଦରିଶି ବର୍ଷ ପରେ ଦେଶ ଜଣେ ପୁରୁଷଙ୍କୁ ପ୍ରଧାନମନ୍ତ୍ରୀ ଭାବରେ ପାଇଛି ଓ ଏହା ହାସିନ ଏବାର ବନ୍ଦ ବର୍ଜିତ ଓ ବନ୍ଦ । ନିତକଟି ଲେଖିବା ବେଳକୁ ତାରିକ ଜିଆ ବାଂଲାଦେଶର ନୂଆ ପ୍ରଧାନମନ୍ତ୍ରୀ ଭାବେ ଶପଥ ନେଇ ସାରିଲେଣି । ଦୀର୍ଘ ପନ୍ଦରିଶି ବର୍ଷ ପରେ ଦେଶ ଜଣେ ପୁରୁଷଙ୍କୁ ପ୍ରଧାନମନ୍ତ୍ରୀ ଭାବରେ ପାଇଛି ଓ ଏହା ହାସିନ ଏବାର ବନ୍ଦ ବର୍ଜିତ ଓ ବନ୍ଦ । ନିତକଟି ଲେଖିବା ବେଳକୁ ତାରିକ ଜିଆ ବାଂଲାଦେଶର ନୂଆ ପ୍ରଧାନମନ୍ତ୍ରୀ ଭାବେ ଶପଥ ନେଇ ସାରିଲେଣି । ଦୀର୍ଘ ପନ୍ଦରିଶି ବର୍ଷ ପରେ ଦେଶ ଜଣେ ପୁରୁଷଙ୍କୁ ପ୍ରଧାନମନ୍ତ୍ରୀ ଭାବରେ ପାଇଛି ଓ ଏହା ହାସିନ ଏବାର ବନ୍ଦ ବର୍ଜିତ ଓ ବନ୍ଦ । ନିତକଟି ଲେଖିବା ବେଳକୁ ତାରିକ ଜିଆ ବାଂଲାଦେଶର ନୂଆ ପ୍ରଧାନମନ୍ତ୍ରୀ ଭାବେ ଶପଥ ନେଇ ସାରିଲେଣି । ଦୀର୍ଘ ପନ୍ଦରିଶି ବର୍ଷ ପରେ ଦେଶ ଜଣେ ପୁରୁଷଙ୍କୁ ପ୍ରଧାନମନ୍ତ୍ରୀ ଭାବରେ ପାଇଛି ଓ ଏହା ହାସିନ ଏବାର ବନ୍ଦ ବର୍ଜିତ ଓ ବନ୍ଦ ।
ନିତକଟି ଲେଖିବା ବେଳକୁ ତାରିକ ଜିଆ ବାଂଲାଦେଶର ନୂଆ ପ୍ରଧାନମନ୍ତ୍ରୀ ଭାବେ ଶପଥ ନେଇ ସାରିଲେଣି । ଦୀର୍ଘ ପନ୍ଦରିଶି ବର୍ଷ ପରେ ଦେଶ ଜଣେ ପୁରୁଷଙ୍କୁ ପ୍ରଧାନମନ୍ତ୍ରୀ ଭାବରେ ପାଇଛି ଓ ଏହା ହାସିନ ଏବାର ବନ୍ଦ ବର୍ଜିତ ଓ ବନ୍ଦ । ନିତକଟି ଲେଖିବା ବେଳକୁ ତାରିକ ଜିଆ ବାଂଲାଦେଶର ନୂଆ ପ୍ରଧାନମନ୍ତ୍ରୀ ଭାବେ ଶପଥ ନେଇ ସାରିଲେଣି । ଦୀର୍ଘ ପନ୍ଦରିଶି ବର୍ଷ ପରେ ଦେଶ ଜଣେ ପୁରୁଷଙ୍କୁ ପ୍ରଧାନମନ୍ତ୍ରୀ ଭାବରେ ପାଇଛି ଓ ଏହା ହାସିନ ଏବାର ବନ୍ଦ ବର୍ଜିତ ଓ ବନ୍ଦ । ନିତକଟି ଲେଖିବା ବେଳକୁ ତାରିକ ଜିଆ ବାଂଲାଦେଶର ନୂଆ ପ୍ରଧାନମନ୍ତ୍ରୀ ଭାବେ ଶପଥ ନେଇ ସାରିଲେଣି । ଦୀର୍ଘ ପନ୍ଦରିଶି ବର୍ଷ ପରେ ଦେଶ ଜଣେ ପୁରୁଷଙ୍କୁ ପ୍ରଧାନମନ୍ତ୍ରୀ ଭାବରେ ପାଇଛି ଓ ଏହା ହାସିନ ଏବାର ବନ୍ଦ ବର୍ଜିତ ଓ ବନ୍ଦ । ନିତକଟି ଲେଖିବା ବେଳକୁ ତାରିକ ଜିଆ ବାଂଲାଦେଶର ନୂଆ ପ୍ରଧାନମନ୍ତ୍ରୀ ଭାବେ ଶପଥ ନେଇ ସାରିଲେଣି । ଦୀର୍ଘ ପନ୍ଦରିଶି ବର୍ଷ ପରେ ଦେଶ ଜଣେ ପୁରୁଷଙ୍କୁ ପ୍ରଧାନମନ୍ତ୍ରୀ ଭାବରେ ପାଇଛି ଓ ଏହା ହାସିନ ଏବାର ବନ୍ଦ ବର୍ଜିତ ଓ ବନ୍ଦ । ନିତକଟି ଲେଖିବା ବେଳକୁ ତାରିକ ଜିଆ ବାଂଲାଦେଶର ନୂଆ ପ୍ରଧାନମନ୍ତ୍ରୀ ଭାବେ ଶପଥ ନେଇ ସାରିଲେଣି । ଦୀର୍ଘ ପନ୍ଦରିଶି ବର୍ଷ ପରେ ଦେଶ ଜଣେ ପୁରୁଷଙ୍କୁ ପ୍ରଧାନମନ୍ତ୍ରୀ ଭାବରେ ପାଇଛି ଓ ଏହା ହାସିନ ଏବାର ବନ୍ଦ ବର୍ଜିତ ଓ ବନ୍ଦ । ନିତକଟି ଲେଖିବା ବେଳକୁ ତାରିକ ଜିଆ ବାଂଲାଦେଶର ନୂଆ ପ୍ରଧାନମନ୍ତ୍ରୀ ଭାବେ ଶପଥ ନେଇ ସାରିଲେଣି । ଦୀର୍ଘ ପନ୍ଦରିଶି ବର୍ଷ ପରେ ଦେଶ ଜଣେ ପୁରୁଷଙ୍କୁ ପ୍ରଧାନମନ୍ତ୍ରୀ ଭାବରେ ପାଇଛି ଓ ଏହା ହାସିନ ଏବାର ବନ୍ଦ ବର୍ଜିତ ଓ ବନ୍ଦ । ନିତକଟି ଲେଖିବା ବେଳକୁ ତାରିକ ଜିଆ ବାଂଲାଦେଶର ନୂଆ ପ୍ରଧାନମନ୍ତ୍ରୀ ଭାବେ ଶପଥ ନେଇ ସାରିଲେଣି । ଦୀର୍ଘ ପନ୍ଦରିଶି ବର୍ଷ ପରେ ଦେଶ ଜଣେ ପୁରୁଷଙ୍କୁ ପ୍ରଧାନମନ୍ତ୍ରୀ ଭାବରେ ପାଇଛି ଓ ଏହା ହାସିନ ଏବାର ବନ୍ଦ ବର୍ଜିତ ଓ ବନ୍ଦ । ନିତକଟି ଲେଖିବା ବେଳକୁ ତାରିକ ଜିଆ ବାଂଲାଦେଶର ନୂଆ ପ୍ରଧାନମନ୍ତ୍ରୀ ଭାବେ ଶପଥ ନେଇ ସାରିଲେଣି । ଦୀର୍ଘ ପନ୍ଦରିଶି ବର୍ଷ ପରେ ଦେଶ ଜଣେ ପୁରୁଷଙ୍କୁ ପ୍ରଧାନମନ୍ତ୍ରୀ ଭାବରେ ପାଇଛି ଓ ଏହା ହାସିନ ଏବାର ବନ୍ଦ ବର୍ଜିତ ଓ ବନ୍ଦ । ନିତକଟି ଲେଖିବା ବେଳକୁ ତାରିକ ଜିଆ ବାଂଲାଦେଶର ନୂଆ ପ୍ରଧାନମନ୍ତ୍ରୀ ଭାବେ ଶପଥ ନେଇ ସାରିଲେଣି । ଦୀର୍ଘ ପନ୍ଦରିଶି ବର୍ଷ ପରେ ଦେଶ ଜଣେ ପୁରୁଷଙ୍କୁ ପ୍ରଧାନମନ୍ତ୍ରୀ ଭାବରେ ପାଇଛି ଓ ଏହା ହାସିନ ଏବାର ବନ୍ଦ ବର୍ଜିତ ଓ ବନ୍ଦ । ନିତକଟି ଲେଖିବା ବେଳକୁ ତାରିକ ଜିଆ ବାଂଲାଦେଶର ନୂଆ ପ୍ରଧାନମନ୍ତ୍ରୀ ଭାବେ ଶପଥ ନେଇ ସାରିଲେଣି । ଦୀର୍ଘ ପନ୍ଦରିଶି ବର୍ଷ ପରେ ଦେଶ ଜଣେ ପୁରୁଷଙ୍କୁ ପ୍ରଧାନମନ୍ତ୍ରୀ ଭାବରେ ପାଇଛି ଓ ଏହା ହାସିନ ଏବାର ବନ୍ଦ ବର୍ଜିତ ଓ ବନ୍ଦ । ନିତକଟି ଲେଖିବା ବେଳକୁ ତାରିକ ଜିଆ ବାଂଲାଦେଶର ନୂଆ ପ୍ରଧାନମନ୍ତ୍ରୀ ଭାବେ ଶପଥ ନେଇ ସାରିଲେଣି । ଦୀର୍ଘ ପନ୍ଦରିଶି ବର୍ଷ ପରେ ଦେଶ ଜଣେ ପୁରୁଷଙ୍କୁ ପ୍ରଧାନମନ୍ତ୍ରୀ ଭାବରେ ପାଇଛି ଓ ଏହା ହାସିନ ଏବାର ବନ୍ଦ ବର୍ଜିତ ଓ ବନ୍ଦ । ନିତକଟି ଲେଖିବା ବେଳକୁ ତାରିକ ଜିଆ ବାଂଲାଦେଶର ନୂଆ ପ୍ରଧାନମନ୍ତ୍ରୀ ଭାବେ ଶପଥ ନେଇ ସାରିଲେଣି । ଦୀର୍ଘ ପନ୍ଦରିଶି ବର୍ଷ ପରେ ଦେଶ ଜଣେ ପୁରୁଷଙ୍କୁ ପ୍ରଧାନମନ୍ତ୍ରୀ ଭାବରେ ପାଇଛି ଓ ଏହା ହାସିନ ଏବାର ବନ୍ଦ ବର୍ଜିତ ଓ ବନ୍ଦ ।
ଶାନ୍ତି ଓ ସଦଭାବନାର ପ୍ରତୀକ ପର୍ବ ହୋଲି
ରାଜଯୋଗିନୀ ବ୍ରହ୍ମାକୁମାରୀ ମାଳା
ର	ଙ୍ଗୀନ ବସନ୍ତର ଆଗମନରେ ବର୍ଷକରେ ଥରେ ପାଳିତ ହେଉଥିବା ଶାନ୍ତି ଓ ସଦ୍ଭାବନାର ପ୍ରତୀକ ପର୍ବ ହୋଲି ହେଉଛି ଆମର ଭାରତୀୟ ଜନମାନସରେ ଆଶା, ବିଶ୍ୱାସ ଏବଂ ସମର୍ପଣମୟତାର ପ୍ରତୀକ । କାହାରକୁ ଯାଇ ନଡ଼ା, କାଠ ଓ ଡାଳିଶରେ ଯେଉଁଥିରେ ରଞ୍ଜିତ ହେବା ଦ୍ୱାରା ମନୁଷ୍ୟାତ୍ମା । ଙ୍ଗୀନ ବସନ୍ତର ଆଗମନରେ ବର୍ଷକରେ ଥରେ ପାଳିତ ହେଉଥିବା ଶାନ୍ତି ଓ ସଦ୍ଭାବନାର ପ୍ରତୀକ ପର୍ବ ହୋଲି ହେଉଛି ଆମର ଭାରତୀୟ ଜନମାନସରେ ଆଶା, ବିଶ୍ୱାସ ଏବଂ ସମର୍ପଣମୟତାର ପ୍ରତୀକ । କାହାରକୁ ଯାଇ ନଡ଼ା, କାଠ ଓ ଡାଳିଶରେ ଯେଉଁଥିରେ ରଞ୍ଜିତ ହେବା ଦ୍ୱାରା ମନୁଷ୍ୟାତ୍ମା । ଙ୍ଗୀନ ବସନ୍ତର ଆଗମନରେ ବର୍ଷକରେ ଥରେ ପାଳିତ ହେଉଥିବା ଶାନ୍ତି ଓ ସଦ୍ଭାବନାର ପ୍ରତୀକ ପର୍ବ ହୋଲି ହେଉଛି ଆମର ଭାରତୀୟ ଜନମାନସରେ ଆଶା, ବିଶ୍ୱାସ ଏବଂ ସମର୍ପଣମୟତାର ପ୍ରତୀକ । କାହାରକୁ ଯାଇ ନଡ଼ା, କାଠ ଓ ଡାଳିଶରେ ଯେଉଁଥିରେ ରଞ୍ଜିତ ହେବା ଦ୍ୱାରା ମନୁଷ୍ୟାତ୍ମା । ଙ୍ଗୀନ ବସନ୍ତର ଆଗମନରେ ବର୍ଷକରେ ଥରେ ପାଳିତ ହେଉଥିବା ଶାନ୍ତି ଓ ସଦ୍ଭାବନାର ପ୍ରତୀକ ପର୍ବ ହୋଲି ହେଉଛି ଆମର ଭାରତୀୟ ଜନମାନସରେ ଆଶା, ବିଶ୍ୱାସ ଏବଂ ସମର୍ପଣମୟତାର ପ୍ରତୀକ । କାହାରକୁ ଯାଇ ନଡ଼ା, କାଠ ଓ ଡାଳିଶରେ ଯେଉଁଥିରେ ରଞ୍ଜିତ ହେବା ଦ୍ୱାରା ମନୁଷ୍ୟାତ୍ମା । ଙ୍ଗୀନ ବସନ୍ତର ଆଗମନରେ ବର୍ଷକରେ ଥରେ ପାଳିତ ହେଉଥିବା ଶାନ୍ତି ଓ ସଦ୍ଭାବନାର ପ୍ରତୀକ ପର୍ବ ହୋଲି ହେଉଛି ଆମର ଭାରତୀୟ ଜନମାନସରେ ଆଶା, ବିଶ୍ୱାସ ଏବଂ ସମର୍ପଣମୟତାର ପ୍ରତୀକ । କାହାରକୁ ଯାଇ ନଡ଼ା, କାଠ ଓ ଡାଳିଶରେ ଯେଉଁଥିରେ ରଞ୍ଜିତ ହେବା ଦ୍ୱାରା ମନୁଷ୍ୟାତ୍ମା । ଙ୍ଗୀନ ବସନ୍ତର ଆଗମନରେ ବର୍ଷକରେ ଥରେ ପାଳିତ ହେଉଥିବା ଶାନ୍ତି ଓ ସଦ୍ଭାବନାର ପ୍ରତୀକ ପର୍ବ ହୋଲି ହେଉଛି ଆମର ଭାରତୀୟ ଜନମାନସରେ ଆଶା, ବିଶ୍ୱାସ ଏବଂ ସମର୍ପଣମୟତାର ପ୍ରତୀକ । କାହାରକୁ ଯାଇ ନଡ଼ା, କାଠ ଓ ଡାଳିଶରେ ଯେଉଁଥିରେ ରଞ୍ଜିତ ହେବା ଦ୍ୱାରା ମନୁଷ୍ୟାତ୍ମା ।
ଙ୍ଗୀନ ବସନ୍ତର ଆଗମନରେ ବର୍ଷକରେ ଥରେ ପାଳିତ ହେଉଥିବା ଶାନ୍ତି ଓ ସଦ୍ଭାବନାର ପ୍ରତୀକ ପର୍ବ ହୋଲି ହେଉଛି ଆମର ଭାରତୀୟ ଜନମାନସରେ ଆଶା, ବିଶ୍ୱାସ ଏବଂ ସମର୍ପଣମୟତାର ପ୍ରତୀକ । କାହାରକୁ ଯାଇ ନଡ଼ା, କାଠ ଓ ଡାଳିଶରେ ଯେଉଁଥିରେ ରଞ୍ଜିତ ହେବା ଦ୍ୱାରା ମନୁଷ୍ୟାତ୍ମା । ଙ୍ଗୀନ ବସନ୍ତର ଆଗମନରେ ବର୍ଷକରେ ଥରେ ପାଳିତ ହେଉଥିବା ଶାନ୍ତି ଓ ସଦ୍ଭାବନାର ପ୍ରତୀକ ପର୍ବ ହୋଲି ହେଉଛି ଆମର ଭାରତୀୟ ଜନମାନସରେ ଆଶା, ବିଶ୍ୱାସ ଏବଂ ସମର୍ପଣମୟତାର ପ୍ରତୀକ । କାହାରକୁ ଯାଇ ନଡ଼ା, କାଠ ଓ ଡାଳିଶରେ ଯେଉଁଥିରେ ରଞ୍ଜିତ ହେବା ଦ୍ୱାରା ମନୁଷ୍ୟାତ୍ମା । ଙ୍ଗୀନ ବସନ୍ତର ଆଗମନରେ ବର୍ଷକରେ ଥରେ ପାଳିତ ହେଉଥିବା ଶାନ୍ତି ଓ ସଦ୍ଭାବନାର ପ୍ରତୀକ ପର୍ବ ହୋଲି ହେଉଛି ଆମର ଭାରତୀୟ ଜନମାନସରେ ଆଶା, ବିଶ୍ୱାସ ଏବଂ ସମର୍ପଣମୟତାର ପ୍ରତୀକ । କାହାରକୁ ଯାଇ ନଡ଼ା, କାଠ ଓ ଡାଳିଶରେ ଯେଉଁଥିରେ ରଞ୍ଜିତ ହେବା ଦ୍ୱାରା ମନୁଷ୍ୟାତ୍ମା । ଙ୍ଗୀନ ବସନ୍ତର ଆଗମନରେ ବର୍ଷକରେ ଥରେ ପାଳିତ ହେଉଥିବା ଶାନ୍ତି ଓ ସଦ୍ଭାବନାର ପ୍ରତୀକ ପର୍ବ ହୋଲି ହେଉଛି ଆମର ଭାରତୀୟ ଜନମାନସରେ ଆଶା, ବିଶ୍ୱାସ ଏବଂ ସମର୍ପଣମୟତାର ପ୍ରତୀକ । କାହାରକୁ ଯାଇ ନଡ଼ା, କାଠ ଓ ଡାଳିଶରେ ଯେଉଁଥିରେ ରଞ୍ଜିତ ହେବା ଦ୍ୱାରା ମନୁଷ୍ୟାତ୍ମା । ଙ୍ଗୀନ ବସନ୍ତର ଆଗମନରେ ବର୍ଷକରେ ଥରେ ପାଳିତ ହେଉଥିବା ଶାନ୍ତି ଓ ସଦ୍ଭାବନାର ପ୍ରତୀକ ପର୍ବ ହୋଲି ହେଉଛି ଆମର ଭାରତୀୟ ଜନମାନସରେ ଆଶା, ବିଶ୍ୱାସ ଏବଂ ସମର୍ପଣମୟତାର ପ୍ରତୀକ । କାହାରକୁ ଯାଇ ନଡ଼ା, କାଠ ଓ ଡାଳିଶରେ ଯେଉଁଥିରେ ରଞ୍ଜିତ ହେବା ଦ୍ୱାରା ମନୁଷ୍ୟାତ୍ମା । ଙ୍ଗୀନ ବସନ୍ତର ଆଗମନରେ ବର୍ଷକରେ ଥରେ ପାଳିତ ହେଉଥିବା ଶାନ୍ତି ଓ ସଦ୍ଭାବନାର ପ୍ରତୀକ ପର୍ବ ହୋଲି ହେଉଛି ଆମର ଭାରତୀୟ ଜନମାନସରେ ଆଶା, ବିଶ୍ୱାସ ଏବଂ ସମର୍ପଣମୟତାର ପ୍ରତୀକ । କାହାରକୁ ଯାଇ ନଡ଼ା, କାଠ ଓ ଡାଳିଶରେ ଯେଉଁଥିରେ ରଞ୍ଜିତ ହେବା ଦ୍ୱାରା ମନୁଷ୍ୟାତ୍ମା ।
ଙ୍ଗୀନ ବସନ୍ତର ଆଗମନରେ ବର୍ଷକରେ ଥରେ ପାଳିତ ହେଉଥିବା ଶାନ୍ତି ଓ ସଦ୍ଭାବନାର ପ୍ରତୀକ ପର୍ବ ହୋଲି ହେଉଛି ଆମର ଭାରତୀୟ ଜନମାନସରେ ଆଶା, ବିଶ୍ୱାସ ଏବଂ ସମର୍ପଣମୟତାର ପ୍ରତୀକ । କାହାରକୁ ଯାଇ ନଡ଼ା, କାଠ ଓ ଡାଳିଶରେ ଯେଉଁଥିରେ ରଞ୍ଜିତ ହେବା ଦ୍ୱାରା ମନୁଷ୍ୟାତ୍ମା । ଙ୍ଗୀନ ବସନ୍ତର ଆଗମନରେ ବର୍ଷକରେ ଥରେ ପାଳିତ ହେଉଥିବା ଶାନ୍ତି ଓ ସଦ୍ଭାବନାର ପ୍ରତୀକ ପର୍ବ ହୋଲି ହେଉଛି ଆମର ଭାରତୀୟ ଜନମାନସରେ ଆଶା, ବିଶ୍ୱାସ ଏବଂ ସମର୍ପଣମୟତାର ପ୍ରତୀକ । କାହାରକୁ ଯାଇ ନଡ଼ା, କାଠ ଓ ଡାଳିଶରେ ଯେଉଁଥିରେ ରଞ୍ଜିତ ହେବା ଦ୍ୱାରା ମନୁଷ୍ୟାତ୍ମା । ଙ୍ଗୀନ ବସନ୍ତର ଆଗମନରେ ବର୍ଷକରେ ଥରେ ପାଳିତ ହେଉଥିବା ଶାନ୍ତି ଓ ସଦ୍ଭାବନାର ପ୍ରତୀକ ପର୍ବ ହୋଲି ହେଉଛି ଆମର ଭାରତୀୟ ଜନମାନସରେ ଆଶା, ବିଶ୍ୱାସ ଏବଂ ସମର୍ପଣମୟତାର ପ୍ରତୀକ । କାହାରକୁ ଯାଇ ନଡ଼ା, କାଠ ଓ ଡାଳିଶରେ ଯେଉଁଥିରେ ରଞ୍ଜିତ ହେବା ଦ୍ୱାରା ମନୁଷ୍ୟାତ୍ମା । ଙ୍ଗୀନ ବସନ୍ତର ଆଗମନରେ ବର୍ଷକରେ ଥରେ ପାଳିତ ହେଉଥିବା ଶାନ୍ତି ଓ ସଦ୍ଭାବନାର ପ୍ରତୀକ ପର୍ବ ହୋଲି ହେଉଛି ଆମର ଭାରତୀୟ ଜନମାନସରେ ଆଶା, ବିଶ୍ୱାସ ଏବଂ ସମର୍ପଣମୟତାର ପ୍ରତୀକ । କାହାରକୁ ଯାଇ ନଡ଼ା, କାଠ ଓ ଡାଳିଶରେ ଯେଉଁଥିରେ ରଞ୍ଜିତ ହେବା ଦ୍ୱାରା ମନୁଷ୍ୟାତ୍ମା । ଙ୍ଗୀନ ବସନ୍ତର ଆଗମନରେ ବର୍ଷକରେ ଥରେ ପାଳିତ ହେଉଥିବା ଶାନ୍ତି ଓ ସଦ୍ଭାବନାର ପ୍ରତୀକ ପର୍ବ ହୋଲି ହେଉଛି ଆମର ଭାରତୀୟ ଜନମାନସରେ ଆଶା, ବିଶ୍ୱାସ ଏବଂ ସମର୍ପଣମୟତାର ପ୍ରତୀକ । କାହାରକୁ ଯାଇ ନଡ଼ା, କାଠ ଓ ଡାଳିଶରେ ଯେଉଁଥିରେ ରଞ୍ଜିତ ହେବା ଦ୍ୱାରା ମନୁଷ୍ୟାତ୍ମା । ଙ୍ଗୀନ ବସନ୍ତର ଆଗମନରେ ବର୍ଷକରେ ଥରେ ପାଳିତ ହେଉଥିବା ଶାନ୍ତି ଓ ସଦ୍ଭାବନାର ପ୍ରତୀକ ପର୍ବ ହୋଲି ହେଉଛି ଆମର ଭାରତୀୟ ଜନମାନସରେ ଆଶା, ବିଶ୍ୱାସ ଏବଂ ସମର୍ପଣମୟତାର ପ୍ରତୀକ । କାହାରକୁ ଯାଇ ନଡ଼ା, କାଠ ଓ ଡାଳିଶରେ ଯେଉଁଥିରେ ରଞ୍ଜିତ ହେବା ଦ୍ୱାରା ମନୁଷ୍ୟାତ୍ମା ।
ଙ୍ଗୀନ ବସନ୍ତର ଆଗମନରେ ବର୍ଷକରେ ଥରେ ପାଳିତ ହେଉଥିବା ଶାନ୍ତି ଓ ସଦ୍ଭାବନାର ପ୍ରତୀକ ପର୍ବ ହୋଲି ହେଉଛି ଆମର ଭାରତୀୟ ଜନମାନସରେ ଆଶା, ବିଶ୍ୱାସ ଏବଂ ସମର୍ପଣମୟତାର ପ୍ରତୀକ । କାହାରକୁ ଯାଇ ନଡ଼ା, କାଠ ଓ ଡାଳିଶରେ ଯେଉଁଥିରେ ରଞ୍ଜିତ ହେବା ଦ୍ୱାରା ମନୁଷ୍ୟାତ୍ମା । ଙ୍ଗୀନ ବସନ୍ତର ଆଗମନରେ ବର୍ଷକରେ ଥରେ ପାଳିତ ହେଉଥିବା ଶାନ୍ତି ଓ ସଦ୍ଭାବନାର ପ୍ରତୀକ ପର୍ବ ହୋଲି ହେଉଛି ଆମର ଭାରତୀୟ ଜନମାନସରେ ଆଶା, ବିଶ୍ୱାସ ଏବଂ ସମର୍ପଣମୟତାର ପ୍ରତୀକ । କାହାରକୁ ଯାଇ ନଡ଼ା, କାଠ ଓ ଡାଳିଶରେ ଯେଉଁଥିରେ ରଞ୍ଜିତ ହେବା ଦ୍ୱାରା ମନୁଷ୍ୟାତ୍ମା । ଙ୍ଗୀନ ବସନ୍ତର ଆଗମନରେ ବର୍ଷକରେ ଥରେ ପାଳିତ ହେଉଥିବା ଶାନ୍ତି ଓ ସଦ୍ଭାବନାର ପ୍ରତୀକ ପର୍ବ ହୋଲି ହେଉଛି ଆମର ଭାରତୀୟ ଜନମାନସରେ ଆଶା, ବିଶ୍ୱାସ ଏବଂ ସମର୍ପଣମୟତାର ପ୍ରତୀକ । କାହାରକୁ ଯାଇ ନଡ଼ା, କାଠ ଓ ଡାଳିଶରେ ଯେଉଁଥିରେ ରଞ୍ଜିତ ହେବା ଦ୍ୱାରା ମନୁଷ୍ୟାତ୍ମା । ଙ୍ଗୀନ ବସନ୍ତର ଆଗମନରେ ବର୍ଷକରେ ଥରେ ପାଳିତ ହେଉଥିବା ଶାନ୍ତି ଓ ସଦ୍ଭାବନାର ପ୍ରତୀକ ପର୍ବ ହୋଲି ହେଉଛି ଆମର ଭାରତୀୟ ଜନମାନସରେ ଆଶା, ବିଶ୍ୱାସ ଏବଂ ସମର୍ପଣମୟତାର ପ୍ରତୀକ । କାହାରକୁ ଯାଇ ନଡ଼ା, କାଠ ଓ ଡାଳିଶରେ ଯେଉଁଥିରେ ରଞ୍ଜିତ ହେବା ଦ୍ୱାରା ମନୁଷ୍ୟାତ୍ମା । ଙ୍ଗୀନ ବସନ୍ତର ଆଗମନରେ ବର୍ଷକରେ ଥରେ ପାଳିତ ହେଉଥିବା ଶାନ୍ତି ଓ ସଦ୍ଭାବନାର ପ୍ରତୀକ ପର୍ବ ହୋଲି ହେଉଛି ଆମର ଭାରତୀୟ ଜନମାନସରେ ଆଶା, ବିଶ୍ୱାସ ଏବଂ ସମର୍ପଣମୟତାର ପ୍ରତୀକ । କାହାରକୁ ଯାଇ ନଡ଼ା, କାଠ ଓ ଡାଳିଶରେ ଯେଉଁଥିରେ ରଞ୍ଜିତ ହେବା ଦ୍ୱାରା ମନୁଷ୍ୟାତ୍ମା । ଙ୍ଗୀନ ବସନ୍ତର ଆଗମନରେ ବର୍ଷକରେ ଥରେ ପାଳିତ ହେଉଥିବା ଶାନ୍ତି ଓ ସଦ୍ଭାବନାର ପ୍ରତୀକ ପର୍ବ ହୋଲି ହେଉଛି ଆମର ଭାରତୀୟ ଜନମାନସରେ ଆଶା, ବିଶ୍ୱାସ ଏବଂ ସମର୍ପଣମୟତାର ପ୍ରତୀକ । କାହାରକୁ ଯାଇ ନଡ଼ା, କାଠ ଓ ଡାଳିଶରେ ଯେଉଁଥିରେ ରଞ୍ଜିତ ହେବା ଦ୍ୱାରା ମନୁଷ୍ୟାତ୍ମା ।
।। ଓଁ ଶାନ୍ତି ।।
ସବ୍‌ଜୋନ୍ ସଞ୍ଚାଳିକା, ବ୍ରହ୍ମାକୁମାରୀଜ୍
ଶାନ୍ତିକୁଣ୍ଡ, ଗିରିରୋଡ, ବ୍ରହ୍ମପୁର-୪ (ଗଞ୍ଜାମ)
